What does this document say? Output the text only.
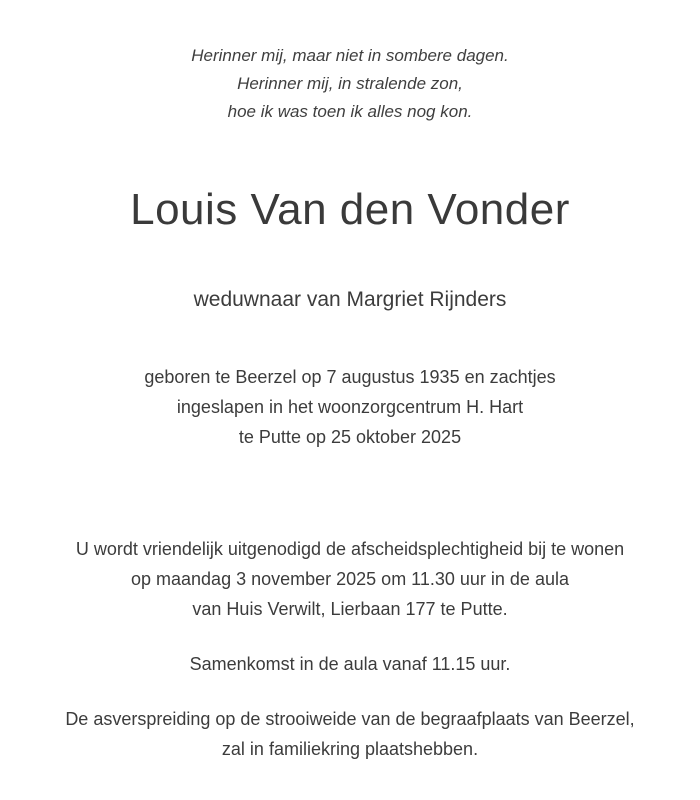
Herinner mij, maar niet in sombere dagen.

Herinner mij, in stralende zon,

hoe ik was toen ik alles nog kon.

Louis Van den Vonder

weduwnaar van Margriet Rijnders

geboren te Beerzel op 7 augustus 1935 en zachtjes

ingeslapen in het woonzorgcentrum H. Hart

te Putte op 25 oktober 2025

U wordt vriendelijk uitgenodigd de afscheidsplechtigheid bij te wonen

op maandag 3 november 2025 om 11.30 uur in de aula

van Huis Verwilt, Lierbaan 177 te Putte.

Samenkomst in de aula vanaf 11.15 uur.

De asverspreiding op de strooiweide van de begraafplaats van Beerzel,

zal in familiekring plaatshebben.
